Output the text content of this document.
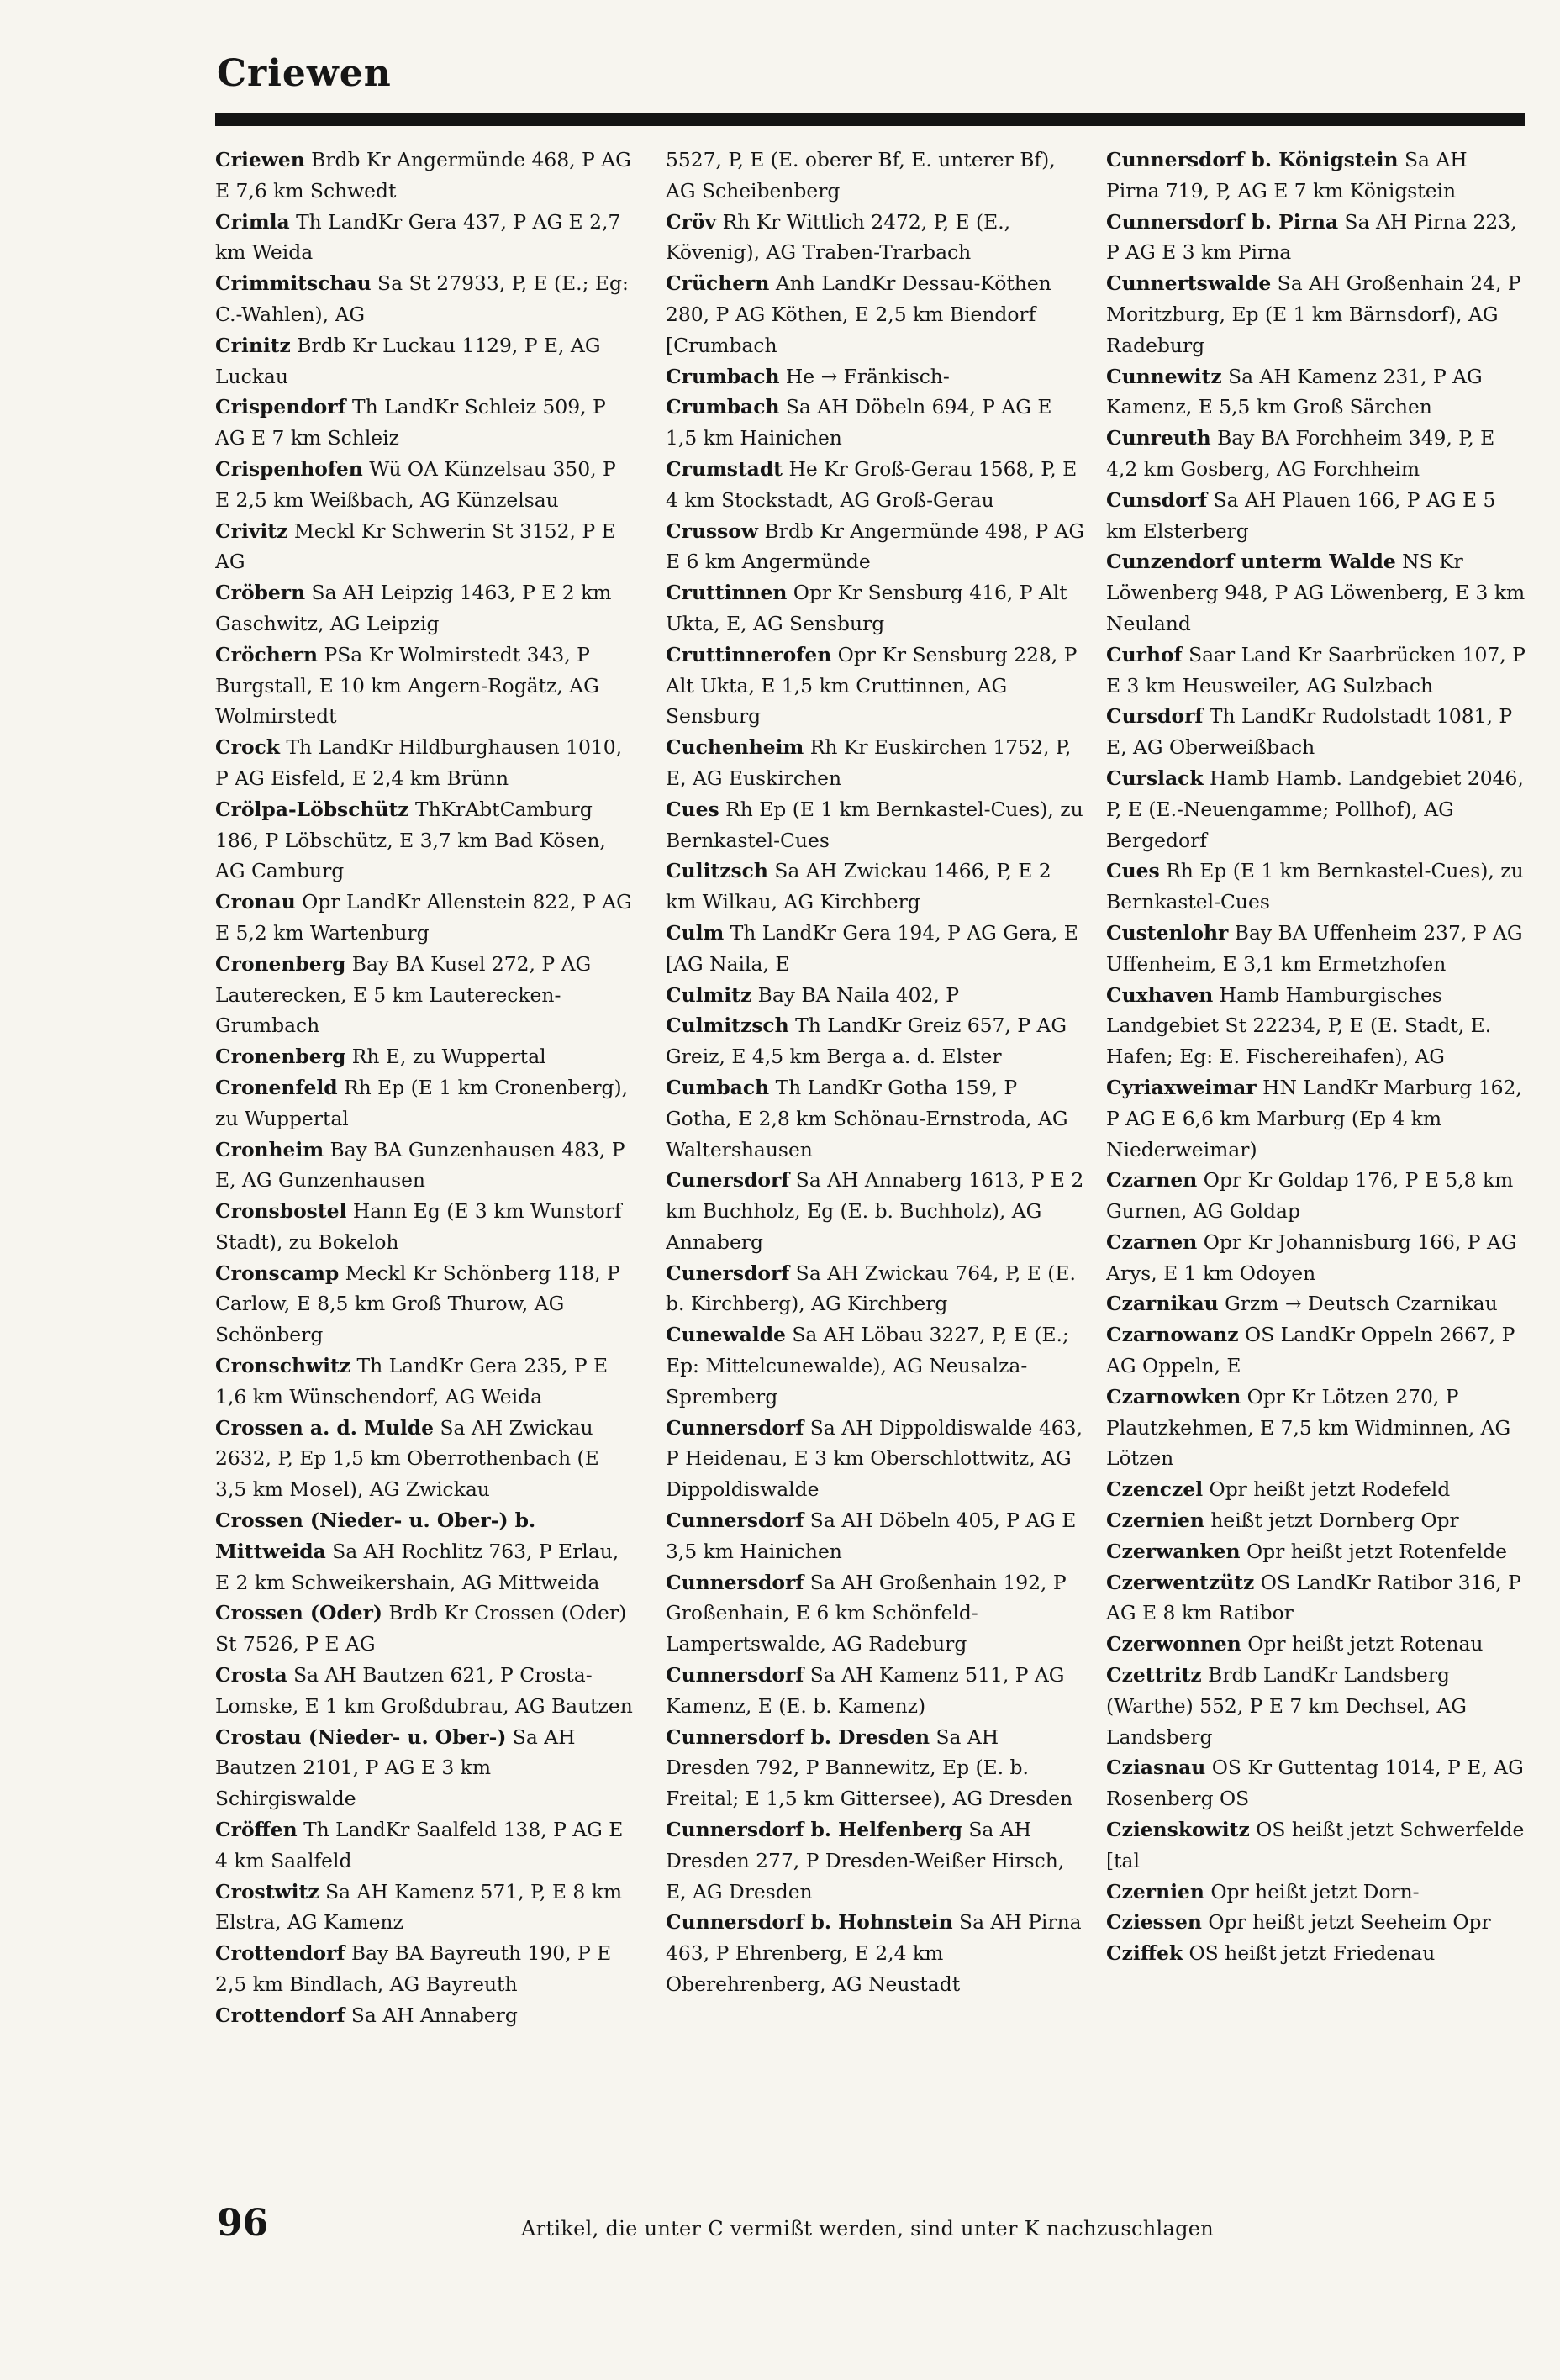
Criewen

Criewen Brdb Kr Angermünde 468, P AG E 7,6 km Schwedt

Crimla Th LandKr Gera 437, P AG E 2,7 km Weida

Crimmitschau Sa St 27933, P, E (E.; Eg: C.-Wahlen), AG

Crinitz Brdb Kr Luckau 1129, P E, AG Luckau

Crispendorf Th LandKr Schleiz 509, P AG E 7 km Schleiz

Crispenhofen Wü OA Künzelsau 350, P E 2,5 km Weißbach, AG Künzelsau

Crivitz Meckl Kr Schwerin St 3152, P E AG

Cröbern Sa AH Leipzig 1463, P E 2 km Gaschwitz, AG Leipzig

Cröchern PSa Kr Wolmirstedt 343, P Burgstall, E 10 km Angern-Rogätz, AG Wolmirstedt

Crock Th LandKr Hildburghausen 1010, P AG Eisfeld, E 2,4 km Brünn

Crölpa-Löbschütz ThKrAbtCamburg 186, P Löbschütz, E 3,7 km Bad Kösen, AG Camburg

Cronau Opr LandKr Allenstein 822, P AG E 5,2 km Wartenburg

Cronenberg Bay BA Kusel 272, P AG Lauterecken, E 5 km Lauterecken-Grumbach

Cronenberg Rh E, zu Wuppertal

Cronenfeld Rh Ep (E 1 km Cronenberg), zu Wuppertal

Cronheim Bay BA Gunzenhausen 483, P E, AG Gunzenhausen

Cronsbostel Hann Eg (E 3 km Wunstorf Stadt), zu Bokeloh

Cronscamp Meckl Kr Schönberg 118, P Carlow, E 8,5 km Groß Thurow, AG Schönberg

Cronschwitz Th LandKr Gera 235, P E 1,6 km Wünschendorf, AG Weida

Crossen a. d. Mulde Sa AH Zwickau 2632, P, Ep 1,5 km Oberrothenbach (E 3,5 km Mosel), AG Zwickau

Crossen (Nieder- u. Ober-) b. Mittweida Sa AH Rochlitz 763, P Erlau, E 2 km Schweikershain, AG Mittweida

Crossen (Oder) Brdb Kr Crossen (Oder) St 7526, P E AG

Crosta Sa AH Bautzen 621, P Crosta-Lomske, E 1 km Großdubrau, AG Bautzen

Crostau (Nieder- u. Ober-) Sa AH Bautzen 2101, P AG E 3 km Schirgiswalde

Cröffen Th LandKr Saalfeld 138, P AG E 4 km Saalfeld

Crostwitz Sa AH Kamenz 571, P, E 8 km Elstra, AG Kamenz

Crottendorf Bay BA Bayreuth 190, P E 2,5 km Bindlach, AG Bayreuth

Crottendorf Sa AH Annaberg

5527, P, E (E. oberer Bf, E. unterer Bf), AG Scheibenberg

Cröv Rh Kr Wittlich 2472, P, E (E., Kövenig), AG Traben-Trarbach

Crüchern Anh LandKr Dessau-Köthen 280, P AG Köthen, E 2,5 km Biendorf [Crumbach

Crumbach He → Fränkisch-

Crumbach Sa AH Döbeln 694, P AG E 1,5 km Hainichen

Crumstadt He Kr Groß-Gerau 1568, P, E 4 km Stockstadt, AG Groß-Gerau

Crussow Brdb Kr Angermünde 498, P AG E 6 km Angermünde

Cruttinnen Opr Kr Sensburg 416, P Alt Ukta, E, AG Sensburg

Cruttinnerofen Opr Kr Sensburg 228, P Alt Ukta, E 1,5 km Cruttinnen, AG Sensburg

Cuchenheim Rh Kr Euskirchen 1752, P, E, AG Euskirchen

Cues Rh Ep (E 1 km Bernkastel-Cues), zu Bernkastel-Cues

Culitzsch Sa AH Zwickau 1466, P, E 2 km Wilkau, AG Kirchberg

Culm Th LandKr Gera 194, P AG Gera, E [AG Naila, E

Culmitz Bay BA Naila 402, P

Culmitzsch Th LandKr Greiz 657, P AG Greiz, E 4,5 km Berga a. d. Elster

Cumbach Th LandKr Gotha 159, P Gotha, E 2,8 km Schönau-Ernstroda, AG Waltershausen

Cunersdorf Sa AH Annaberg 1613, P E 2 km Buchholz, Eg (E. b. Buchholz), AG Annaberg

Cunersdorf Sa AH Zwickau 764, P, E (E. b. Kirchberg), AG Kirchberg

Cunewalde Sa AH Löbau 3227, P, E (E.; Ep: Mittelcunewalde), AG Neusalza-Spremberg

Cunnersdorf Sa AH Dippoldiswalde 463, P Heidenau, E 3 km Oberschlottwitz, AG Dippoldiswalde

Cunnersdorf Sa AH Döbeln 405, P AG E 3,5 km Hainichen

Cunnersdorf Sa AH Großenhain 192, P Großenhain, E 6 km Schönfeld-Lampertswalde, AG Radeburg

Cunnersdorf Sa AH Kamenz 511, P AG Kamenz, E (E. b. Kamenz)

Cunnersdorf b. Dresden Sa AH Dresden 792, P Bannewitz, Ep (E. b. Freital; E 1,5 km Gittersee), AG Dresden

Cunnersdorf b. Helfenberg Sa AH Dresden 277, P Dresden-Weißer Hirsch, E, AG Dresden

Cunnersdorf b. Hohnstein Sa AH Pirna 463, P Ehrenberg, E 2,4 km Oberehrenberg, AG Neustadt

Cunnersdorf b. Königstein Sa AH Pirna 719, P, AG E 7 km Königstein

Cunnersdorf b. Pirna Sa AH Pirna 223, P AG E 3 km Pirna

Cunnertswalde Sa AH Großenhain 24, P Moritzburg, Ep (E 1 km Bärnsdorf), AG Radeburg

Cunnewitz Sa AH Kamenz 231, P AG Kamenz, E 5,5 km Groß Särchen

Cunreuth Bay BA Forchheim 349, P, E 4,2 km Gosberg, AG Forchheim

Cunsdorf Sa AH Plauen 166, P AG E 5 km Elsterberg

Cunzendorf unterm Walde NS Kr Löwenberg 948, P AG Löwenberg, E 3 km Neuland

Curhof Saar Land Kr Saarbrücken 107, P E 3 km Heusweiler, AG Sulzbach

Cursdorf Th LandKr Rudolstadt 1081, P E, AG Oberweißbach

Curslack Hamb Hamb. Landgebiet 2046, P, E (E.-Neuengamme; Pollhof), AG Bergedorf

Cues Rh Ep (E 1 km Bernkastel-Cues), zu Bernkastel-Cues

Custenlohr Bay BA Uffenheim 237, P AG Uffenheim, E 3,1 km Ermetzhofen

Cuxhaven Hamb Hamburgisches Landgebiet St 22234, P, E (E. Stadt, E. Hafen; Eg: E. Fischereihafen), AG

Cyriaxweimar HN LandKr Marburg 162, P AG E 6,6 km Marburg (Ep 4 km Niederweimar)

Czarnen Opr Kr Goldap 176, P E 5,8 km Gurnen, AG Goldap

Czarnen Opr Kr Johannisburg 166, P AG Arys, E 1 km Odoyen

Czarnikau Grzm → Deutsch Czarnikau

Czarnowanz OS LandKr Oppeln 2667, P AG Oppeln, E

Czarnowken Opr Kr Lötzen 270, P Plautzkehmen, E 7,5 km Widminnen, AG Lötzen

Czenczel Opr heißt jetzt Rodefeld

Czernien heißt jetzt Dornberg Opr

Czerwanken Opr heißt jetzt Rotenfelde

Czerwentzütz OS LandKr Ratibor 316, P AG E 8 km Ratibor

Czerwonnen Opr heißt jetzt Rotenau

Czettritz Brdb LandKr Landsberg (Warthe) 552, P E 7 km Dechsel, AG Landsberg

Cziasnau OS Kr Guttentag 1014, P E, AG Rosenberg OS

Czienskowitz OS heißt jetzt Schwerfelde [tal

Czernien Opr heißt jetzt Dorn-

Cziessen Opr heißt jetzt Seeheim Opr

Cziffek OS heißt jetzt Friedenau

96	Artikel, die unter C vermißt werden, sind unter K nachzuschlagen
